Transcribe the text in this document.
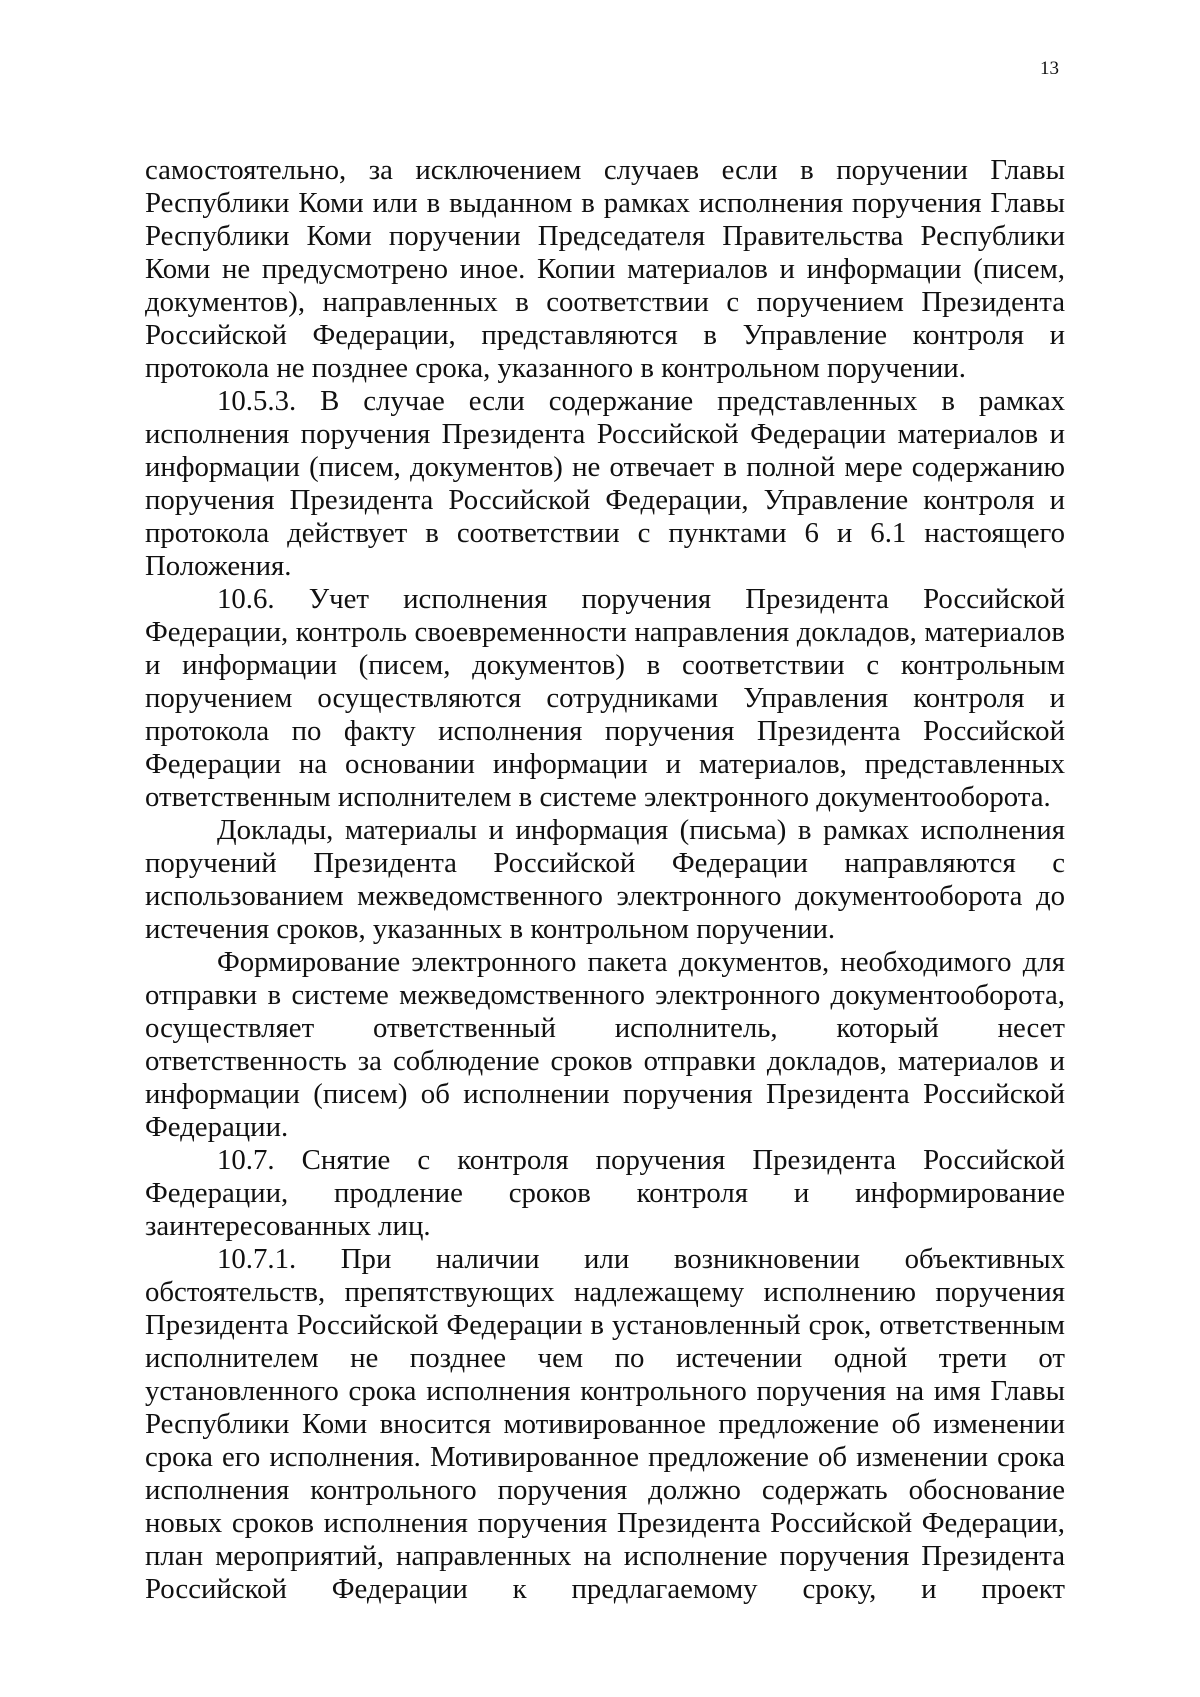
13

самостоятельно, за исключением случаев если в поручении Главы Республики Коми или в выданном в рамках исполнения поручения Главы Республики Коми поручении Председателя Правительства Республики Коми не предусмотрено иное. Копии материалов и информации (писем, документов), направленных в соответствии с поручением Президента Российской Федерации, представляются в Управление контроля и протокола не позднее срока, указанного в контрольном поручении.

10.5.3. В случае если содержание представленных в рамках исполнения поручения Президента Российской Федерации материалов и информации (писем, документов) не отвечает в полной мере содержанию поручения Президента Российской Федерации, Управление контроля и протокола действует в соответствии с пунктами 6 и 6.1 настоящего Положения.

10.6. Учет исполнения поручения Президента Российской Федерации, контроль своевременности направления докладов, материалов и информации (писем, документов) в соответствии с контрольным поручением осуществляются сотрудниками Управления контроля и протокола по факту исполнения поручения Президента Российской Федерации на основании информации и материалов, представленных ответственным исполнителем в системе электронного документооборота.

Доклады, материалы и информация (письма) в рамках исполнения поручений Президента Российской Федерации направляются с использованием межведомственного электронного документооборота до истечения сроков, указанных в контрольном поручении.

Формирование электронного пакета документов, необходимого для отправки в системе межведомственного электронного документооборота, осуществляет ответственный исполнитель, который несет ответственность за соблюдение сроков отправки докладов, материалов и информации (писем) об исполнении поручения Президента Российской Федерации.

10.7. Снятие с контроля поручения Президента Российской Федерации, продление сроков контроля и информирование заинтересованных лиц.

10.7.1. При наличии или возникновении объективных обстоятельств, препятствующих надлежащему исполнению поручения Президента Российской Федерации в установленный срок, ответственным исполнителем не позднее чем по истечении одной трети от установленного срока исполнения контрольного поручения на имя Главы Республики Коми вносится мотивированное предложение об изменении срока его исполнения. Мотивированное предложение об изменении срока исполнения контрольного поручения должно содержать обоснование новых сроков исполнения поручения Президента Российской Федерации, план мероприятий, направленных на исполнение поручения Президента Российской Федерации к предлагаемому сроку, и проект
